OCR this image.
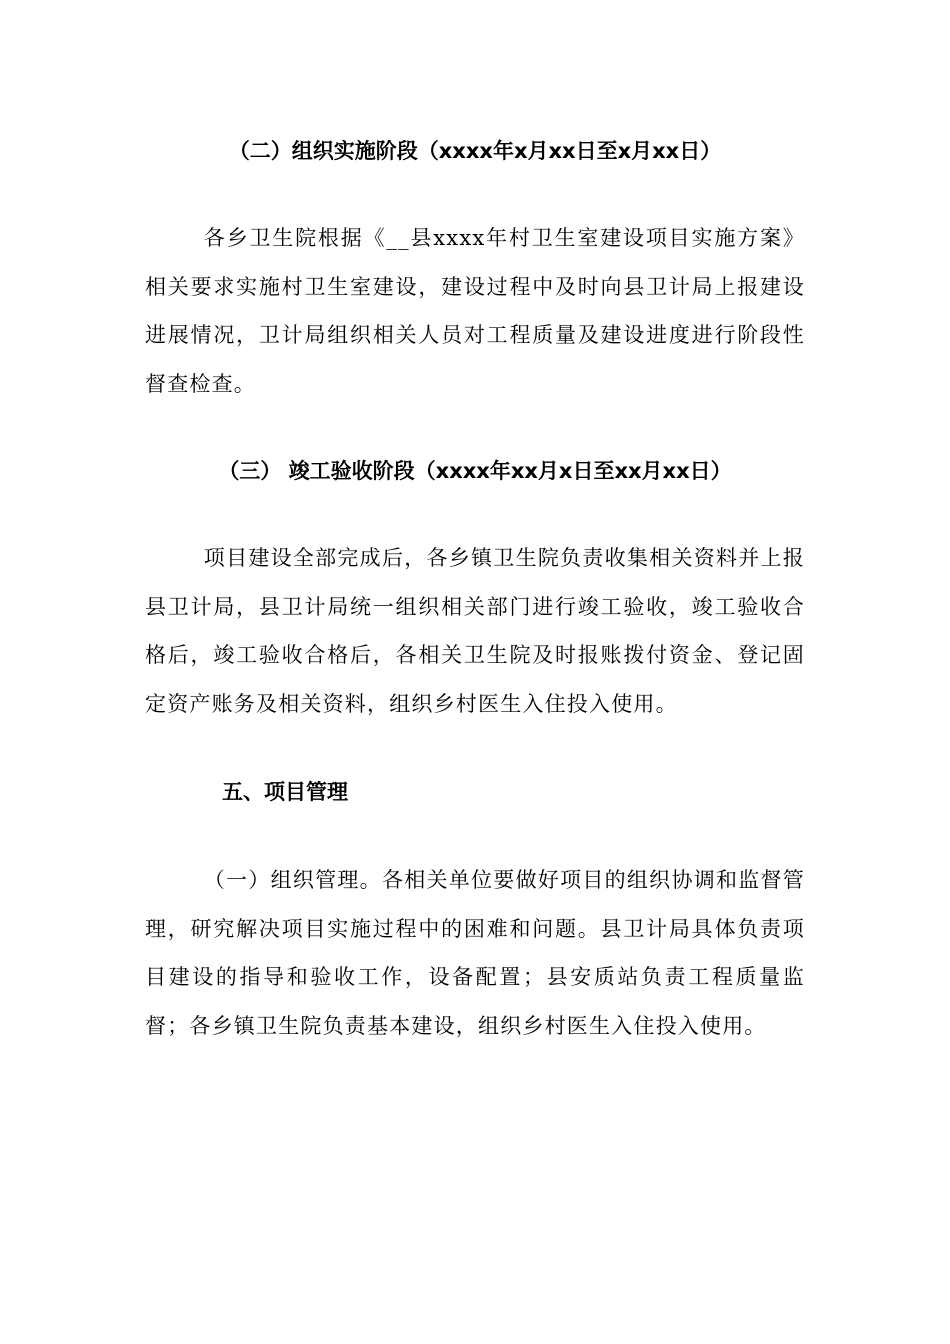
（二）组织实施阶段（xxxx年x月xx日至x月xx日）

各乡卫生院根据《__县xxxx年村卫生室建设项目实施方案》相关要求实施村卫生室建设，建设过程中及时向县卫计局上报建设进展情况，卫计局组织相关人员对工程质量及建设进度进行阶段性督查检查。

（三） 竣工验收阶段（xxxx年xx月x日至xx月xx日）

项目建设全部完成后，各乡镇卫生院负责收集相关资料并上报县卫计局，县卫计局统一组织相关部门进行竣工验收，竣工验收合格后，竣工验收合格后，各相关卫生院及时报账拨付资金、登记固定资产账务及相关资料，组织乡村医生入住投入使用。

五、项目管理

（一）组织管理。各相关单位要做好项目的组织协调和监督管理，研究解决项目实施过程中的困难和问题。县卫计局具体负责项目建设的指导和验收工作，设备配置；县安质站负责工程质量监督；各乡镇卫生院负责基本建设，组织乡村医生入住投入使用。
